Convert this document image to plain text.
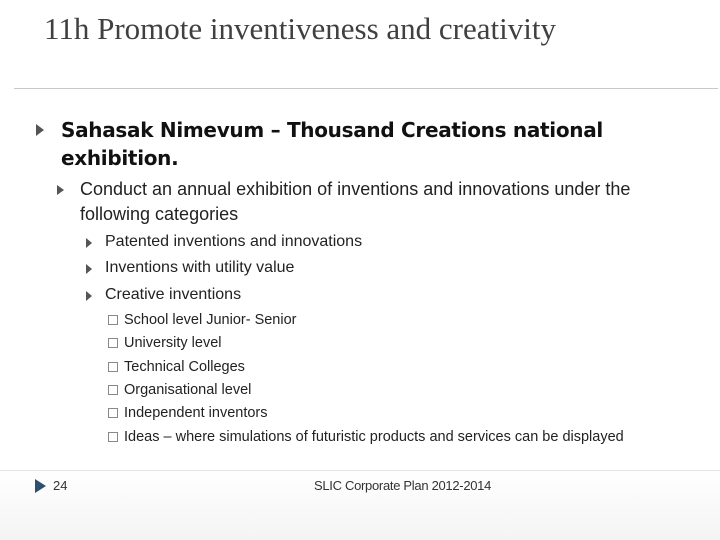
11h Promote inventiveness and creativity
Sahasak Nimevum – Thousand Creations national exhibition.
Conduct an annual exhibition of inventions and innovations under the following categories
Patented inventions and innovations
Inventions with utility value
Creative inventions
School level Junior- Senior
University level
Technical Colleges
Organisational level
Independent inventors
Ideas – where simulations of futuristic products and services can be displayed
24	SLIC Corporate Plan 2012-2014
